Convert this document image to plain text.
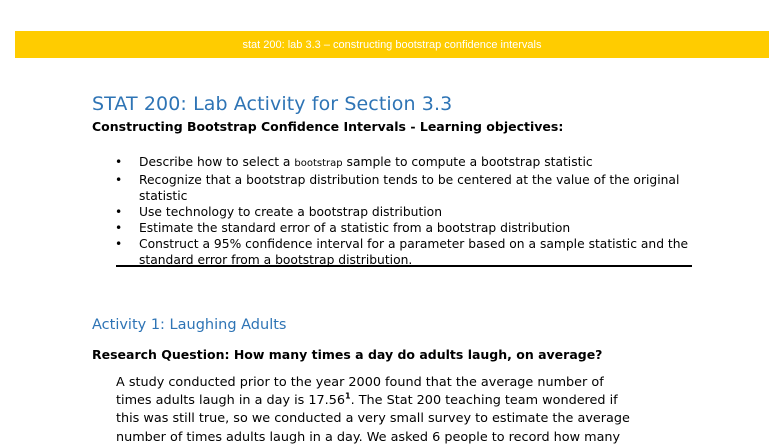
stat 200: lab 3.3 – constructing bootstrap confidence intervals
STAT 200: Lab Activity for Section 3.3
Constructing Bootstrap Confidence Intervals - Learning objectives:
• Describe how to select a bootstrap sample to compute a bootstrap statistic
• Recognize that a bootstrap distribution tends to be centered at the value of the original statistic
• Use technology to create a bootstrap distribution
• Estimate the standard error of a statistic from a bootstrap distribution
• Construct a 95% confidence interval for a parameter based on a sample statistic and the standard error from a bootstrap distribution.
Activity 1: Laughing Adults

Research Question: How many times a day do adults laugh, on average?

A study conducted prior to the year 2000 found that the average number of
times adults laugh in a day is 17.56$^1$. The Stat 200 teaching team wondered if
this was still true, so we conducted a very small survey to estimate the average
number of times adults laugh in a day. We asked 6 people to record how many
